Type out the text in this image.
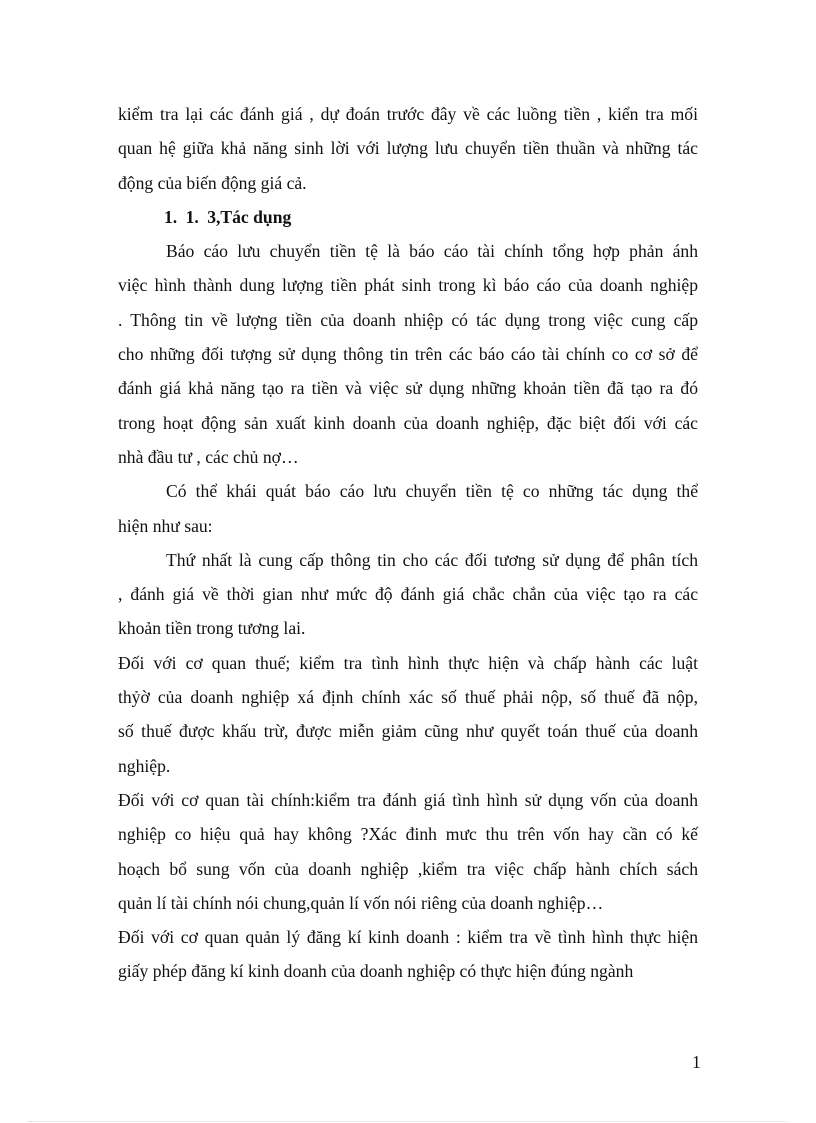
kiểm tra lại các đánh giá , dự đoán trước đây về các luồng tiền , kiển tra mối
quan hệ giữa khả năng sinh lời với lượng lưu chuyển tiền thuần và những tác
động của biến động giá cả.
1. 1. 3,Tác dụng
Báo cáo lưu chuyển tiền tệ là báo cáo tài chính tổng hợp phản ánh
việc hình thành dung lượng tiền phát sinh trong kì báo cáo của doanh nghiệp
. Thông tin về lượng tiền của doanh nhiệp có tác dụng trong việc cung cấp
cho những đối tượng sử dụng thông tin trên các báo cáo tài chính co cơ sở để
đánh giá khả năng tạo ra tiền và việc sử dụng những khoản tiền đã tạo ra đó
trong hoạt động sản xuất kinh doanh của doanh nghiệp, đặc biệt đối với các
nhà đầu tư , các chủ nợ…
Có thể khái quát báo cáo lưu chuyển tiền tệ co những tác dụng thể
hiện như sau:
Thứ nhất là cung cấp thông tin cho các đối tương sử dụng để phân tích
, đánh giá về thời gian như mức độ đánh giá chắc chắn của việc tạo ra các
khoản tiền trong tương lai.
Đối với cơ quan thuế; kiểm tra tình hình thực hiện và chấp hành các luật
thỷờ của doanh nghiệp xá định chính xác số thuế phải nộp, số thuế đã nộp,
số thuế được khấu trừ, được miễn giảm cũng như quyết toán thuế của doanh
nghiệp.
Đối với cơ quan tài chính:kiểm tra đánh giá tình hình sử dụng vốn của doanh
nghiệp co hiệu quả hay không ?Xác đinh mưc thu trên vốn hay cần có kế
hoạch bổ sung vốn của doanh nghiệp ,kiểm tra việc chấp hành chích sách
quản lí tài chính nói chung,quản lí vốn nói riêng của doanh nghiệp…
Đối với cơ quan quản lý đăng kí kinh doanh : kiểm tra về tình hình thực hiện
giấy phép đăng kí kinh doanh của doanh nghiệp có thực hiện đúng ngành
1
